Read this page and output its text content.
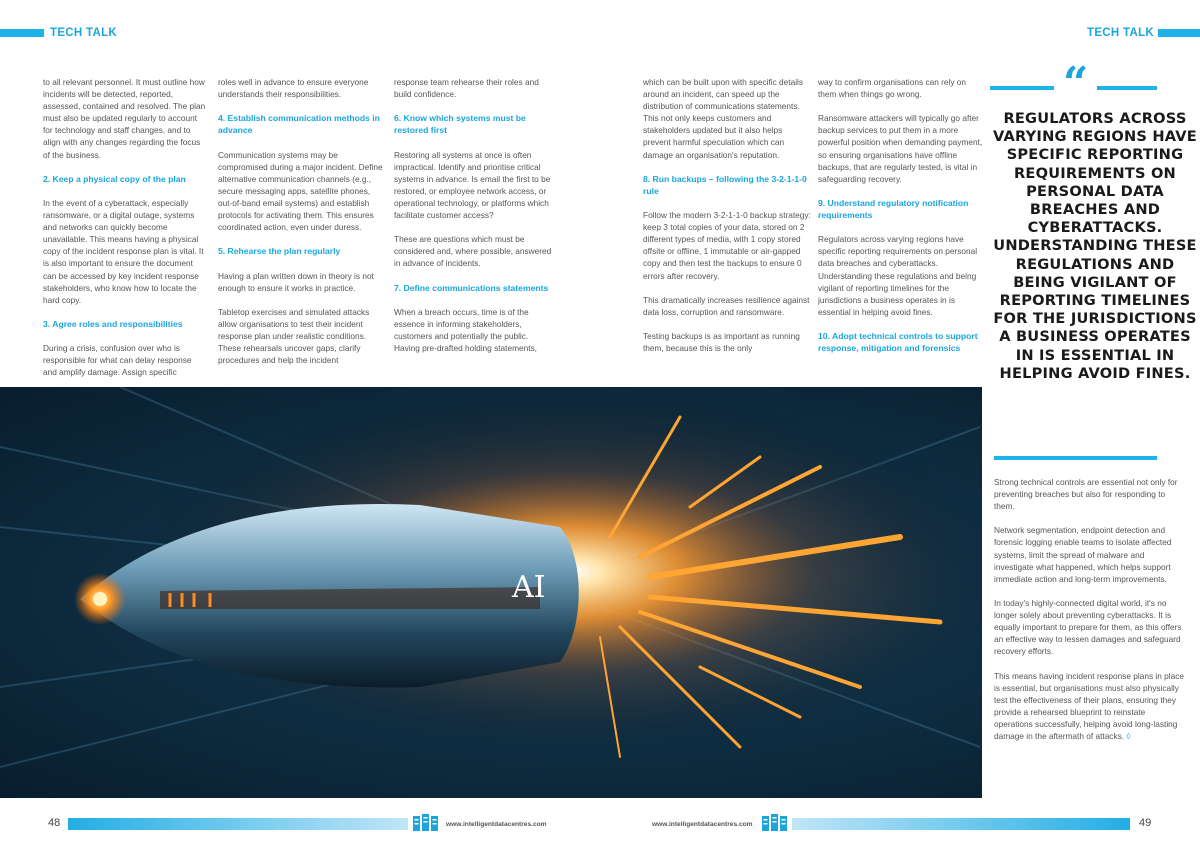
TECH TALK	TECH TALK

to all relevant personnel. It must outline how incidents will be detected, reported, assessed, contained and resolved. The plan must also be updated regularly to account for technology and staff changes, and to align with any changes regarding the focus of the business.

2. Keep a physical copy of the plan

In the event of a cyberattack, especially ransomware, or a digital outage, systems and networks can quickly become unavailable. This means having a physical copy of the incident response plan is vital. It is also important to ensure the document can be accessed by key incident response stakeholders, who know how to locate the hard copy.

3. Agree roles and responsibilities

During a crisis, confusion over who is responsible for what can delay response and amplify damage. Assign specific

roles well in advance to ensure everyone understands their responsibilities.

4. Establish communication methods in advance

Communication systems may be compromised during a major incident. Define alternative communication channels (e.g., secure messaging apps, satellite phones, out-of-band email systems) and establish protocols for activating them. This ensures coordinated action, even under duress.

5. Rehearse the plan regularly

Having a plan written down in theory is not enough to ensure it works in practice.

Tabletop exercises and simulated attacks allow organisations to test their incident response plan under realistic conditions. These rehearsals uncover gaps, clarify procedures and help the incident

response team rehearse their roles and build confidence.

6. Know which systems must be restored first

Restoring all systems at once is often impractical. Identify and prioritise critical systems in advance. Is email the first to be restored, or employee network access, or operational technology, or platforms which facilitate customer access?

These are questions which must be considered and, where possible, answered in advance of incidents.

7. Define communications statements

When a breach occurs, time is of the essence in informing stakeholders, customers and potentially the public. Having pre-drafted holding statements,

which can be built upon with specific details around an incident, can speed up the distribution of communications statements. This not only keeps customers and stakeholders updated but it also helps prevent harmful speculation which can damage an organisation's reputation.

8. Run backups – following the 3-2-1-1-0 rule

Follow the modern 3-2-1-1-0 backup strategy: keep 3 total copies of your data, stored on 2 different types of media, with 1 copy stored offsite or offline, 1 immutable or air-gapped copy and then test the backups to ensure 0 errors after recovery.

This dramatically increases resilience against data loss, corruption and ransomware.

Testing backups is as important as running them, because this is the only

way to confirm organisations can rely on them when things go wrong.

Ransomware attackers will typically go after backup services to put them in a more powerful position when demanding payment, so ensuring organisations have offline backups, that are regularly tested, is vital in safeguarding recovery.

9. Understand regulatory notification requirements

Regulators across varying regions have specific reporting requirements on personal data breaches and cyberattacks. Understanding these regulations and being vigilant of reporting timelines for the jurisdictions a business operates in is essential in helping avoid fines.

10. Adopt technical controls to support response, mitigation and forensics
AI
“
REGULATORS ACROSS VARYING REGIONS HAVE SPECIFIC REPORTING REQUIREMENTS ON PERSONAL DATA BREACHES AND CYBERATTACKS. UNDERSTANDING THESE REGULATIONS AND BEING VIGILANT OF REPORTING TIMELINES FOR THE JURISDICTIONS A BUSINESS OPERATES IN IS ESSENTIAL IN HELPING AVOID FINES.

Strong technical controls are essential not only for preventing breaches but also for responding to them.

Network segmentation, endpoint detection and forensic logging enable teams to isolate affected systems, limit the spread of malware and investigate what happened, which helps support immediate action and long-term improvements.

In today's highly-connected digital world, it's no longer solely about preventing cyberattacks. It is equally important to prepare for them, as this offers an effective way to lessen damages and safeguard recovery efforts.

This means having incident response plans in place is essential, but organisations must also physically test the effectiveness of their plans, ensuring they provide a rehearsed blueprint to reinstate operations successfully, helping avoid long-lasting damage in the aftermath of attacks. ◊

48	www.intelligentdatacentres.com	www.intelligentdatacentres.com	49
